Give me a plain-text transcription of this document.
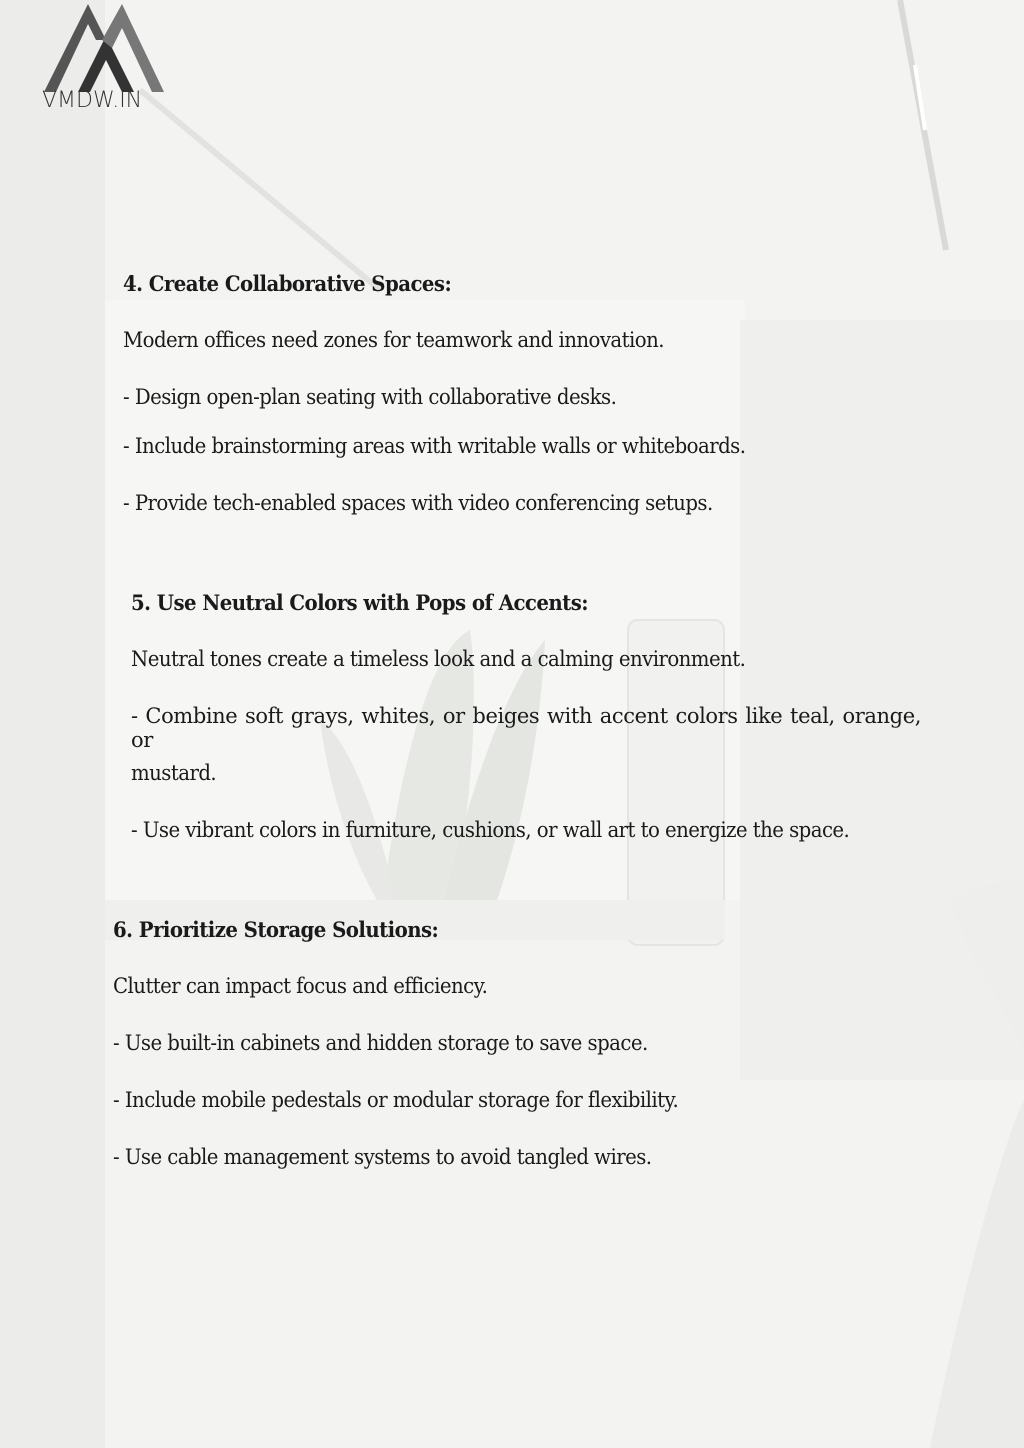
VMDW.IN
4. Create Collaborative Spaces:
Modern offices need zones for teamwork and innovation.
- Design open-plan seating with collaborative desks.
- Include brainstorming areas with writable walls or whiteboards.
- Provide tech-enabled spaces with video conferencing setups.
5. Use Neutral Colors with Pops of Accents:
Neutral tones create a timeless look and a calming environment.
- Combine soft grays, whites, or beiges with accent colors like teal, orange, or
mustard.
- Use vibrant colors in furniture, cushions, or wall art to energize the space.
6. Prioritize Storage Solutions:
Clutter can impact focus and efficiency.
- Use built-in cabinets and hidden storage to save space.
- Include mobile pedestals or modular storage for flexibility.
- Use cable management systems to avoid tangled wires.
